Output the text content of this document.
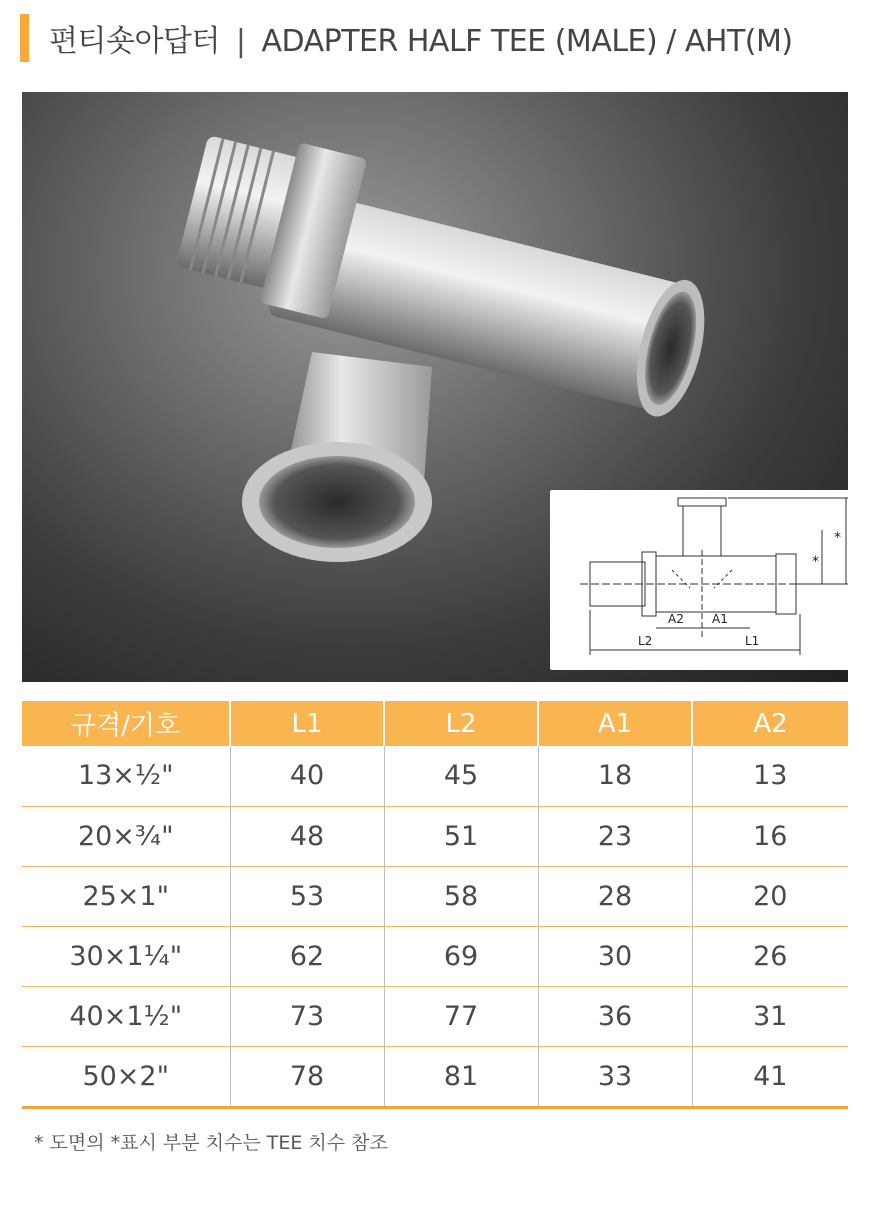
편티숏아답터 | ADAPTER HALF TEE (MALE) / AHT(M)
A2 A1
L2	L1
*
*
규격/기호	L1	L2	A1	A2
13×½"	40	45	18	13
20×¾"	48	51	23	16
25×1"	53	58	28	20
30×1¼"	62	69	30	26
40×1½"	73	77	36	31
50×2"	78	81	33	41
* 도면의 *표시 부분 치수는 TEE 치수 참조
